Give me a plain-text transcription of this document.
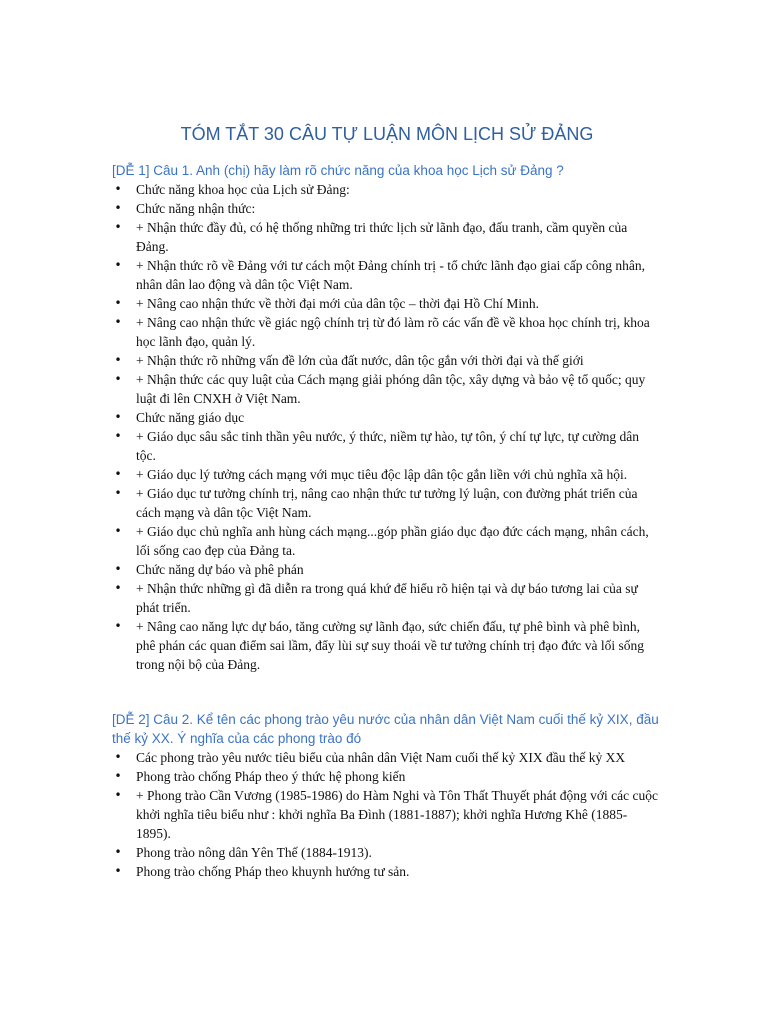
TÓM TẮT 30 CÂU TỰ LUẬN MÔN LỊCH SỬ ĐẢNG
[DỄ 1] Câu 1. Anh (chị) hãy làm rõ chức năng của khoa học Lịch sử Đảng ?
• Chức năng khoa học của Lịch sử Đảng:
• Chức năng nhận thức:
• + Nhận thức đầy đủ, có hệ thống những tri thức lịch sử lãnh đạo, đấu tranh, cầm quyền của Đảng.
• + Nhận thức rõ về Đảng với tư cách một Đảng chính trị - tổ chức lãnh đạo giai cấp công nhân, nhân dân lao động và dân tộc Việt Nam.
• + Nâng cao nhận thức về thời đại mới của dân tộc – thời đại Hồ Chí Minh.
• + Nâng cao nhận thức về giác ngộ chính trị từ đó làm rõ các vấn đề về khoa học chính trị, khoa học lãnh đạo, quản lý.
• + Nhận thức rõ những vấn đề lớn của đất nước, dân tộc gắn với thời đại và thế giới
• + Nhận thức các quy luật của Cách mạng giải phóng dân tộc, xây dựng và bảo vệ tổ quốc; quy luật đi lên CNXH ở Việt Nam.
• Chức năng giáo dục
• + Giáo dục sâu sắc tinh thần yêu nước, ý thức, niềm tự hào, tự tôn, ý chí tự lực, tự cường dân tộc.
• + Giáo dục lý tưởng cách mạng với mục tiêu độc lập dân tộc gắn liền với chủ nghĩa xã hội.
• + Giáo dục tư tưởng chính trị, nâng cao nhận thức tư tưởng lý luận, con đường phát triển của cách mạng và dân tộc Việt Nam.
• + Giáo dục chủ nghĩa anh hùng cách mạng...góp phần giáo dục đạo đức cách mạng, nhân cách, lối sống cao đẹp của Đảng ta.
• Chức năng dự báo và phê phán
• + Nhận thức những gì đã diễn ra trong quá khứ để hiểu rõ hiện tại và dự báo tương lai của sự phát triển.
• + Nâng cao năng lực dự báo, tăng cường sự lãnh đạo, sức chiến đấu, tự phê bình và phê bình, phê phán các quan điểm sai lầm, đẩy lùi sự suy thoái về tư tưởng chính trị đạo đức và lối sống trong nội bộ của Đảng.
[DỄ 2] Câu 2. Kể tên các phong trào yêu nước của nhân dân Việt Nam cuối thế kỷ XIX, đầu thế kỷ XX. Ý nghĩa của các phong trào đó
• Các phong trào yêu nước tiêu biểu của nhân dân Việt Nam cuối thế kỷ XIX đầu thế kỷ XX
• Phong trào chống Pháp theo ý thức hệ phong kiến
• + Phong trào Cần Vương (1985-1986) do Hàm Nghi và Tôn Thất Thuyết phát động với các cuộc khởi nghĩa tiêu biểu như : khởi nghĩa Ba Đình (1881-1887); khởi nghĩa Hương Khê (1885-1895).
• Phong trào nông dân Yên Thế (1884-1913).
• Phong trào chống Pháp theo khuynh hướng tư sản.
